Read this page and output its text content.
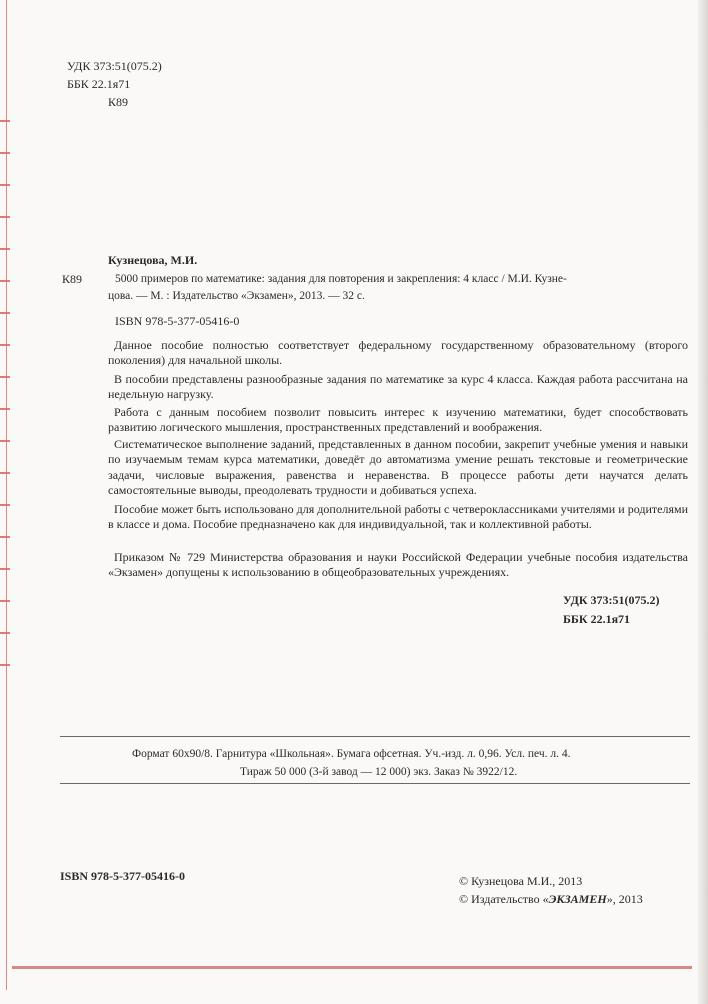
УДК 373:51(075.2)
ББК 22.1я71
К89
Кузнецова, М.И.
К89	5000 примеров по математике: задания для повторения и закрепления: 4 класс / М.И. Кузне-
цова. — М. : Издательство «Экзамен», 2013. — 32 с.
ISBN 978-5-377-05416-0
Данное пособие полностью соответствует федеральному государственному образовательному (второго поколения) для начальной школы.
В пособии представлены разнообразные задания по математике за курс 4 класса. Каждая работа рассчитана на недельную нагрузку.
Работа с данным пособием позволит повысить интерес к изучению математики, будет способствовать развитию логического мышления, пространственных представлений и воображения.
Систематическое выполнение заданий, представленных в данном пособии, закрепит учебные умения и навыки по изучаемым темам курса математики, доведёт до автоматизма умение решать текстовые и геометрические задачи, числовые выражения, равенства и неравенства. В процессе работы дети научатся делать самостоятельные выводы, преодолевать трудности и добиваться успеха.
Пособие может быть использовано для дополнительной работы с четвероклассниками учителями и родителями в классе и дома. Пособие предназначено как для индивидуальной, так и коллективной работы.
Приказом № 729 Министерства образования и науки Российской Федерации учебные пособия издательства «Экзамен» допущены к использованию в общеобразовательных учреждениях.
УДК 373:51(075.2)
ББК 22.1я71
Формат 60x90/8. Гарнитура «Школьная». Бумага офсетная. Уч.-изд. л. 0,96. Усл. печ. л. 4.
Тираж 50 000 (3-й завод — 12 000) экз. Заказ № 3922/12.
ISBN 978-5-377-05416-0	© Кузнецова М.И., 2013
© Издательство «ЭКЗАМЕН», 2013
